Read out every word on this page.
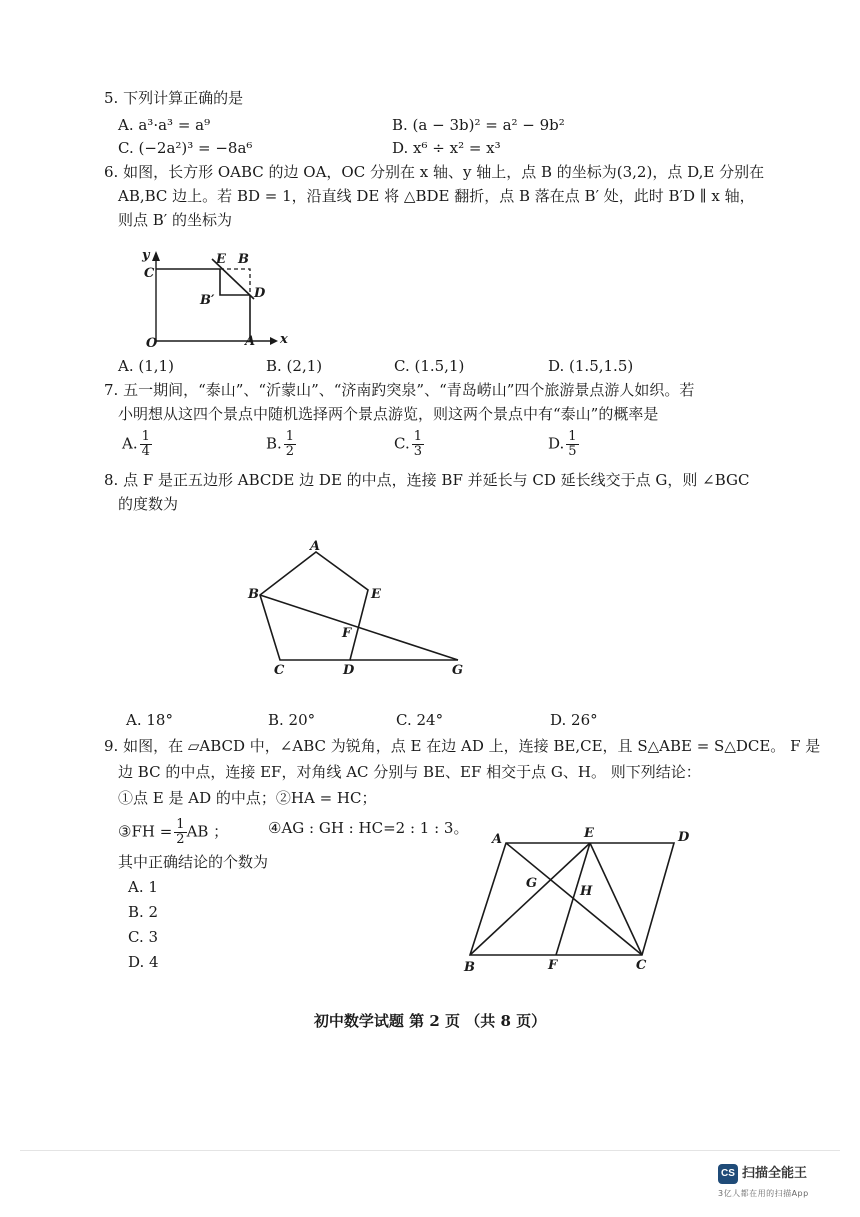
5. 下列计算正确的是
A. a³·a³ = a⁹	B. (a − 3b)² = a² − 9b²
C. (−2a²)³ = −8a⁶	D. x⁶ ÷ x² = x³
6. 如图，长方形 OABC 的边 OA，OC 分别在 x 轴、y 轴上，点 B 的坐标为(3,2)，点 D,E 分别在
AB,BC 边上。若 BD = 1，沿直线 DE 将 △BDE 翻折，点 B 落在点 B′ 处，此时 B′D ∥ x 轴，
则点 B′ 的坐标为
y
x
O	A
C
E B
D
B′
A. (1,1)	B. (2,1)	C. (1.5,1)	D. (1.5,1.5)
7. 五一期间，“泰山”、“沂蒙山”、“济南趵突泉”、“青岛崂山”四个旅游景点游人如织。若
小明想从这四个景点中随机选择两个景点游览，则这两个景点中有“泰山”的概率是
A. $\frac{1}{4}$	B. $\frac{1}{2}$	C. $\frac{1}{3}$	D. $\frac{1}{5}$
8. 点 F 是正五边形 ABCDE 边 DE 的中点，连接 BF 并延长与 CD 延长线交于点 G，则 ∠BGC
的度数为
A
B	E
F
C	D	G
A. 18°	B. 20°	C. 24°	D. 26°
9. 如图，在 ▱ABCD 中，∠ABC 为锐角，点 E 在边 AD 上，连接 BE,CE，且 S△ABE = S△DCE。 F 是
边 BC 的中点，连接 EF，对角线 AC 分别与 BE、EF 相交于点 G、H。 则下列结论：
①点 E 是 AD 的中点；②HA = HC；
③FH = $\frac{1}{2}$ AB ；	④AG : GH : HC=2 : 1 : 3。
其中正确结论的个数为
A. 1
B. 2
C. 3
D. 4
A	E	D
G
H
B	F	C
初中数学试题 第 2 页 （共 8 页）
CS 扫描全能王
3亿人都在用的扫描App
